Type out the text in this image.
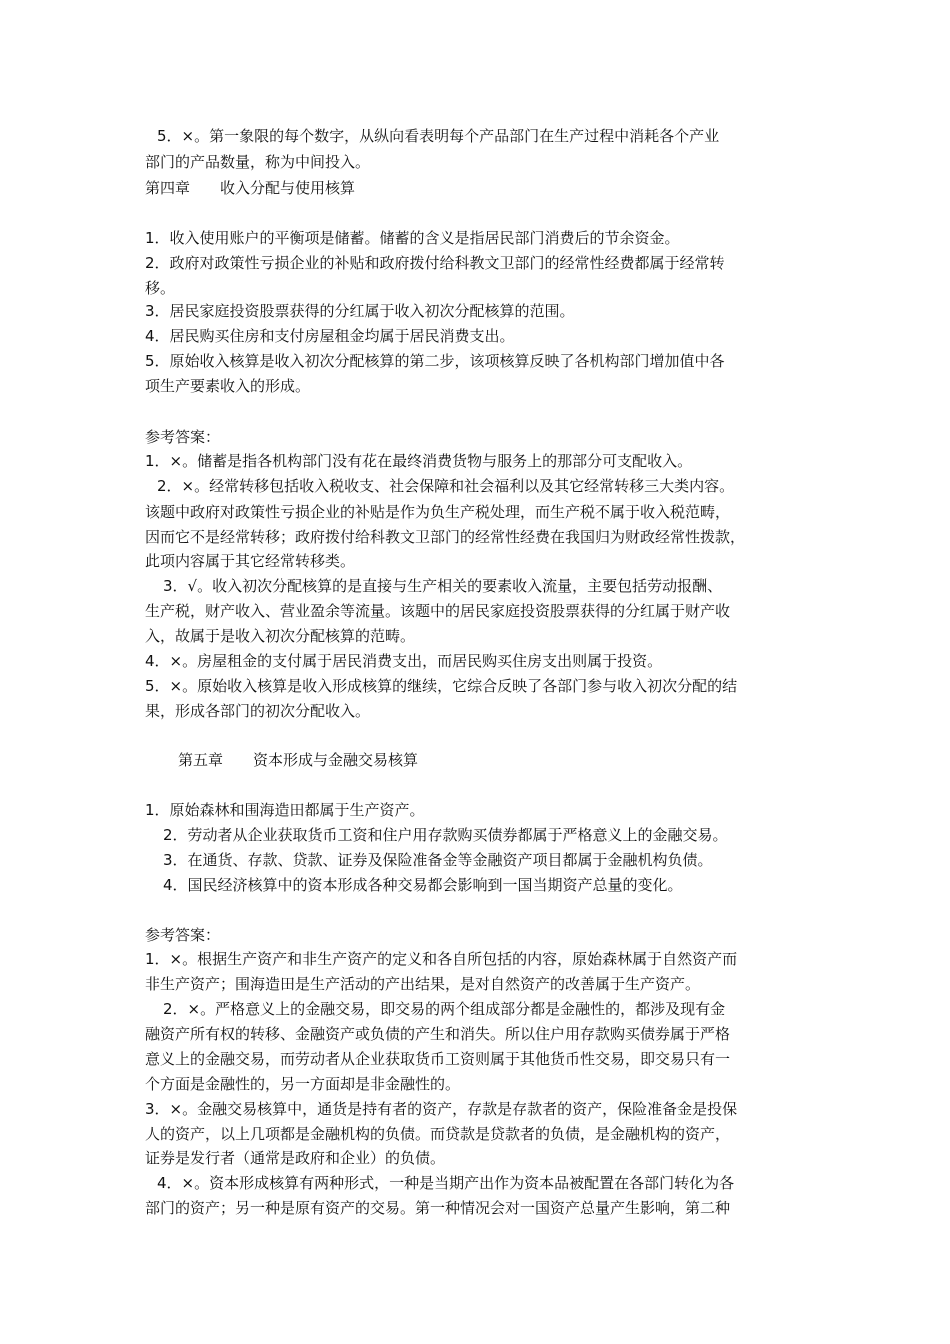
5．×。第一象限的每个数字，从纵向看表明每个产品部门在生产过程中消耗各个产业
部门的产品数量，称为中间投入。
第四章　　收入分配与使用核算
1．收入使用账户的平衡项是储蓄。储蓄的含义是指居民部门消费后的节余资金。
2．政府对政策性亏损企业的补贴和政府拨付给科教文卫部门的经常性经费都属于经常转
移。
3．居民家庭投资股票获得的分红属于收入初次分配核算的范围。
4．居民购买住房和支付房屋租金均属于居民消费支出。
5．原始收入核算是收入初次分配核算的第二步，该项核算反映了各机构部门增加值中各
项生产要素收入的形成。
参考答案：
1．×。储蓄是指各机构部门没有花在最终消费货物与服务上的那部分可支配收入。
2．×。经常转移包括收入税收支、社会保障和社会福利以及其它经常转移三大类内容。
该题中政府对政策性亏损企业的补贴是作为负生产税处理，而生产税不属于收入税范畴，
因而它不是经常转移；政府拨付给科教文卫部门的经常性经费在我国归为财政经常性拨款，
此项内容属于其它经常转移类。
3．√。收入初次分配核算的是直接与生产相关的要素收入流量，主要包括劳动报酬、
生产税，财产收入、营业盈余等流量。该题中的居民家庭投资股票获得的分红属于财产收
入，故属于是收入初次分配核算的范畴。
4．×。房屋租金的支付属于居民消费支出，而居民购买住房支出则属于投资。
5．×。原始收入核算是收入形成核算的继续，它综合反映了各部门参与收入初次分配的结
果，形成各部门的初次分配收入。
第五章　　资本形成与金融交易核算
1．原始森林和围海造田都属于生产资产。
2．劳动者从企业获取货币工资和住户用存款购买债券都属于严格意义上的金融交易。
3．在通货、存款、贷款、证券及保险准备金等金融资产项目都属于金融机构负债。
4．国民经济核算中的资本形成各种交易都会影响到一国当期资产总量的变化。
参考答案：
1．×。根据生产资产和非生产资产的定义和各自所包括的内容，原始森林属于自然资产而
非生产资产；围海造田是生产活动的产出结果，是对自然资产的改善属于生产资产。
2．×。严格意义上的金融交易，即交易的两个组成部分都是金融性的，都涉及现有金
融资产所有权的转移、金融资产或负债的产生和消失。所以住户用存款购买债券属于严格
意义上的金融交易，而劳动者从企业获取货币工资则属于其他货币性交易，即交易只有一
个方面是金融性的，另一方面却是非金融性的。
3．×。金融交易核算中，通货是持有者的资产，存款是存款者的资产，保险准备金是投保
人的资产，以上几项都是金融机构的负债。而贷款是贷款者的负债，是金融机构的资产，
证券是发行者（通常是政府和企业）的负债。
4．×。资本形成核算有两种形式，一种是当期产出作为资本品被配置在各部门转化为各
部门的资产；另一种是原有资产的交易。第一种情况会对一国资产总量产生影响，第二种
